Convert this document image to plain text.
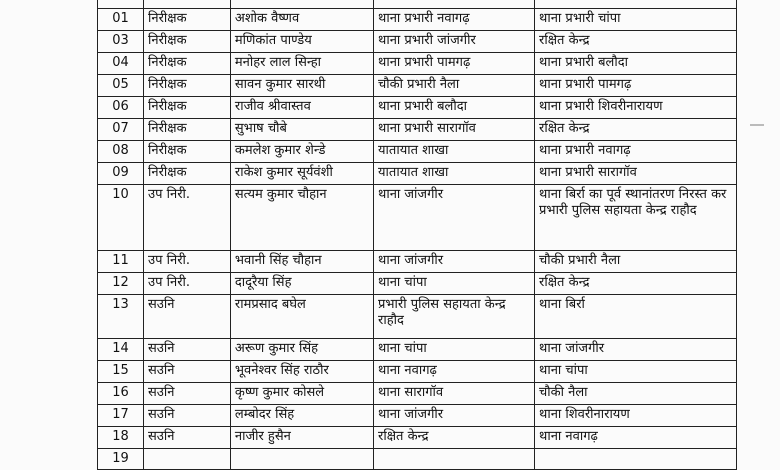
01	निरीक्षक	अशोक वैष्णव	थाना प्रभारी नवागढ़	थाना प्रभारी चांपा
03	निरीक्षक	मणिकांत पाण्डेय	थाना प्रभारी जांजगीर	रक्षित केन्द्र
04	निरीक्षक	मनोहर लाल सिन्हा	थाना प्रभारी पामगढ़	थाना प्रभारी बलौदा
05	निरीक्षक	सावन कुमार सारथी	चौकी प्रभारी नैला	थाना प्रभारी पामगढ़
06	निरीक्षक	राजीव श्रीवास्तव	थाना प्रभारी बलौदा	थाना प्रभारी शिवरीनारायण
07	निरीक्षक	सुभाष चौबे	थाना प्रभारी सारागॉव	रक्षित केन्द्र
08	निरीक्षक	कमलेश कुमार शेन्डे	यातायात शाखा	थाना प्रभारी नवागढ़
09	निरीक्षक	राकेश कुमार सूर्यवंशी	यातायात शाखा	थाना प्रभारी सारागॉव
10	उप निरी.	सत्यम कुमार चौहान	थाना जांजगीर	थाना बिर्रा का पूर्व स्थानांतरण निरस्त कर प्रभारी पुलिस सहायता केन्द्र राहौद
11	उप निरी.	भवानी सिंह चौहान	थाना जांजगीर	चौकी प्रभारी नैला
12	उप निरी.	दादूरैया सिंह	थाना चांपा	रक्षित केन्द्र
13	सउनि	रामप्रसाद बघेल	प्रभारी पुलिस सहायता केन्द्र राहौद	थाना बिर्रा
14	सउनि	अरूण कुमार सिंह	थाना चांपा	थाना जांजगीर
15	सउनि	भूवनेश्वर सिंह राठौर	थाना नवागढ़	थाना चांपा
16	सउनि	कृष्ण कुमार कोसले	थाना सारागॉव	चौकी नैला
17	सउनि	लम्बोदर सिंह	थाना जांजगीर	थाना शिवरीनारायण
18	सउनि	नाजीर हुसैन	रक्षित केन्द्र	थाना नवागढ़
19				
